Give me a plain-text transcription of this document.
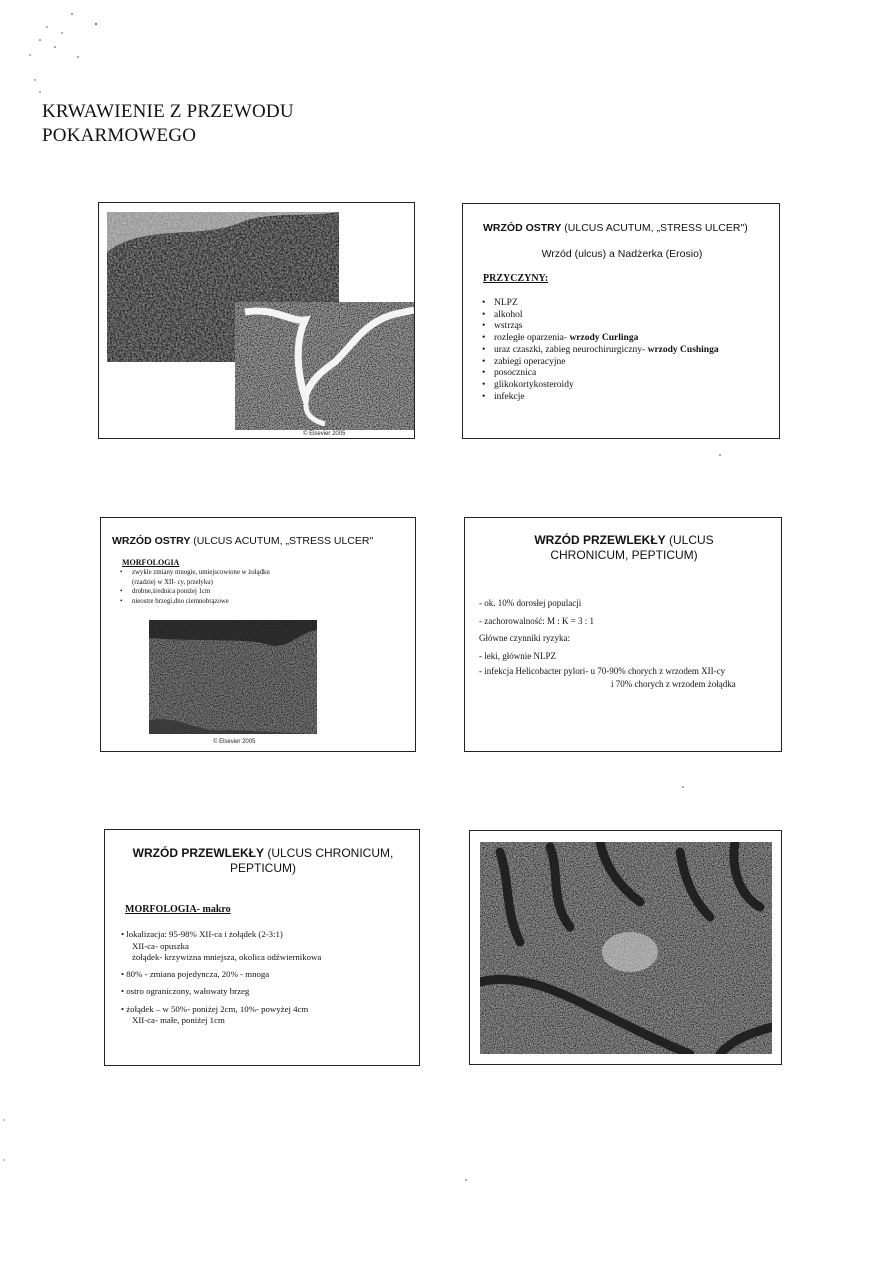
KRWAWIENIE Z PRZEWODU
POKARMOWEGO
© Elsevier 2005
WRZÓD OSTRY (ULCUS ACUTUM, „STRESS ULCER")
Wrzód (ulcus) a Nadżerka (Erosio)
PRZYCZYNY:
• NLPZ
• alkohol
• wstrząs
• rozległe oparzenia- wrzody Curlinga
• uraz czaszki, zabieg neurochirurgiczny- wrzody Cushinga
• zabiegi operacyjne
• posocznica
• glikokortykosteroidy
• infekcje
WRZÓD OSTRY (ULCUS ACUTUM, „STRESS ULCER"
MORFOLOGIA
• zwykle zmiany mnogie, umiejscowione w żołądku
(rzadziej w XII- cy, przełyku)
• drobne,średnica poniżej 1cm
• nieostre brzegi,dno ciemnobrązowe
© Elsevier 2005
WRZÓD PRZEWLEKŁY (ULCUS
CHRONICUM, PEPTICUM)
- ok. 10% dorosłej populacji
- zachorowalność: M : K = 3 : 1
Główne czynniki ryzyka:
- leki, głównie NLPZ
- infekcja Helicobacter pylori- u 70-90% chorych z wrzodem XII-cy
i 70% chorych z wrzodem żołądka
WRZÓD PRZEWLEKŁY (ULCUS CHRONICUM,
PEPTICUM)
MORFOLOGIA- makro
• lokalizacja: 95-98% XII-ca i żołądek (2-3:1)
XII-ca- opuszka
żołądek- krzywizna mniejsza, okolica odźwiernikowa
• 80% - zmiana pojedyncza, 20% - mnoga
• ostro ograniczony, wałowaty brzeg
• żołądek – w 50%- poniżej 2cm, 10%- powyżej 4cm
XII-ca- małe, poniżej 1cm
